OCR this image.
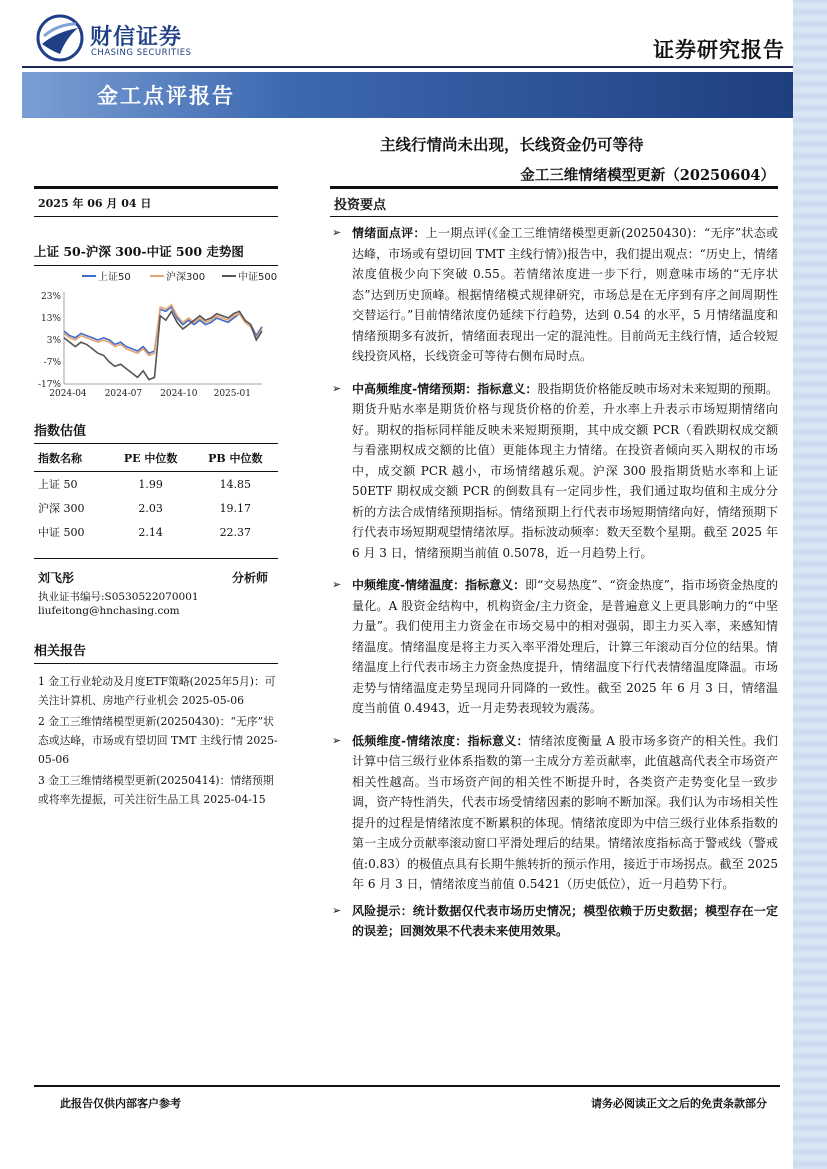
财信证券
CHASING SECURITIES	证券研究报告
金工点评报告
主线行情尚未出现，长线资金仍可等待
金工三维情绪模型更新（20250604）
2025 年 06 月 04 日
上证 50-沪深 300-中证 500 走势图
上证50	沪深300	中证500
23%
13%
3%
-7%
-17%
2024-04 2024-07 2024-10 2025-01
指数估值
指数名称	PE 中位数	PB 中位数
上证 50	1.99	14.85
沪深 300	2.03	19.17
中证 500	2.14	22.37
刘飞彤	分析师
执业证书编号:S0530522070001
liufeitong@hnchasing.com
相关报告

1 金工行业轮动及月度ETF策略(2025年5月)：可关注计算机、房地产行业机会 2025-05-06

2 金工三维情绪模型更新(20250430)：“无序”状态或达峰，市场或有望切回 TMT 主线行情 2025-05-06

3 金工三维情绪模型更新(20250414)：情绪预期或将率先提振，可关注衍生品工具 2025-04-15

投资要点
➢ 情绪面点评：上一期点评(《金工三维情绪模型更新(20250430)：“无序”状态或达峰，市场或有望切回 TMT 主线行情》)报告中，我们提出观点：“历史上，情绪浓度值极少向下突破 0.55。若情绪浓度进一步下行，则意味市场的“无序状态”达到历史顶峰。根据情绪模式规律研究，市场总是在无序到有序之间周期性交替运行。”目前情绪浓度仍延续下行趋势，达到 0.54 的水平，5 月情绪温度和情绪预期多有波折，情绪面表现出一定的混沌性。目前尚无主线行情，适合较短线投资风格，长线资金可等待右侧布局时点。
➢ 中高频维度-情绪预期：指标意义：股指期货价格能反映市场对未来短期的预期。期货升贴水率是期货价格与现货价格的价差，升水率上升表示市场短期情绪向好。期权的指标同样能反映未来短期预期，其中成交额 PCR（看跌期权成交额与看涨期权成交额的比值）更能体现主力情绪。在投资者倾向买入期权的市场中，成交额 PCR 越小，市场情绪越乐观。沪深 300 股指期货贴水率和上证 50ETF 期权成交额 PCR 的倒数具有一定同步性，我们通过取均值和主成分分析的方法合成情绪预期指标。情绪预期上行代表市场短期情绪向好，情绪预期下行代表市场短期观望情绪浓厚。指标波动频率：数天至数个星期。截至 2025 年 6 月 3 日，情绪预期当前值 0.5078，近一月趋势上行。
➢ 中频维度-情绪温度：指标意义：即“交易热度”、“资金热度”，指市场资金热度的量化。A 股资金结构中，机构资金/主力资金，是普遍意义上更具影响力的“中坚力量”。我们使用主力资金在市场交易中的相对强弱，即主力买入率，来感知情绪温度。情绪温度是将主力买入率平滑处理后，计算三年滚动百分位的结果。情绪温度上行代表市场主力资金热度提升，情绪温度下行代表情绪温度降温。市场走势与情绪温度走势呈现同升同降的一致性。截至 2025 年 6 月 3 日，情绪温度当前值 0.4943，近一月走势表现较为震荡。
➢ 低频维度-情绪浓度：指标意义：情绪浓度衡量 A 股市场多资产的相关性。我们计算中信三级行业体系指数的第一主成分方差贡献率，此值越高代表全市场资产相关性越高。当市场资产间的相关性不断提升时，各类资产走势变化呈一致步调，资产特性消失，代表市场受情绪因素的影响不断加深。我们认为市场相关性提升的过程是情绪浓度不断累积的体现。情绪浓度即为中信三级行业体系指数的第一主成分贡献率滚动窗口平滑处理后的结果。情绪浓度指标高于警戒线（警戒值:0.83）的极值点具有长期牛熊转折的预示作用，接近于市场拐点。截至 2025 年 6 月 3 日，情绪浓度当前值 0.5421（历史低位），近一月趋势下行。
➢ 风险提示：统计数据仅代表市场历史情况；模型依赖于历史数据；模型存在一定的误差；回测效果不代表未来使用效果。
此报告仅供内部客户参考	请务必阅读正文之后的免责条款部分
